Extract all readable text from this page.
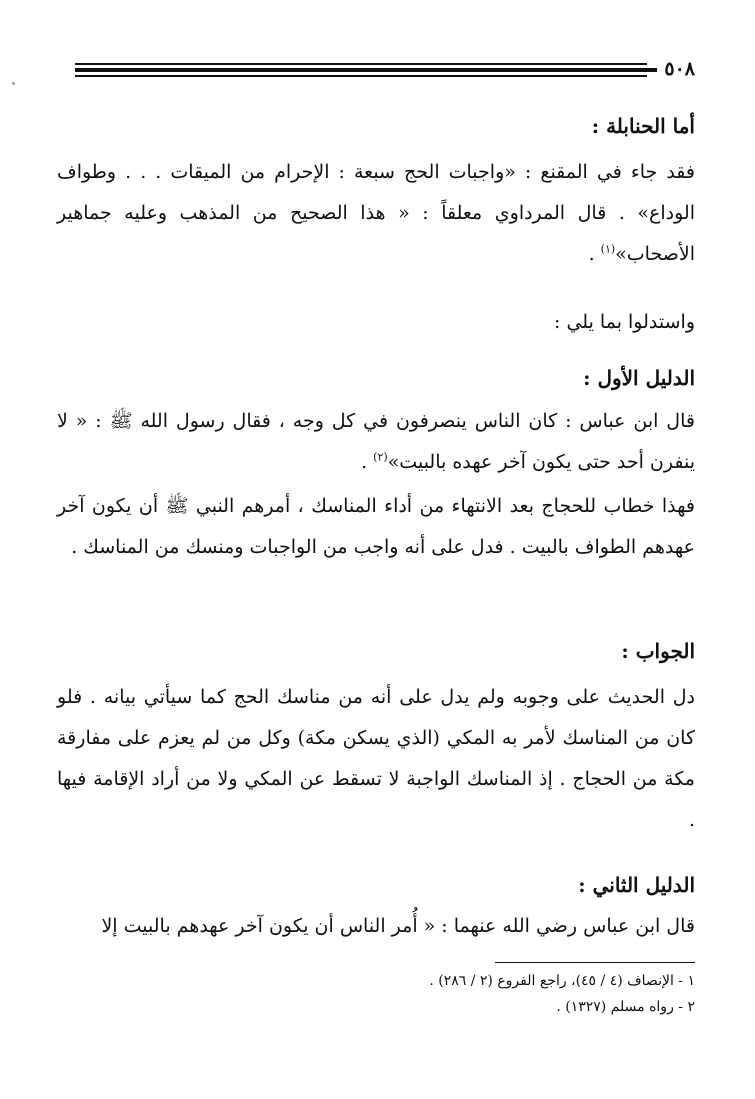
٥٠٨
أما الحنابلة :

فقد جاء في المقنع : «واجبات الحج سبعة : الإحرام من الميقات . . . وطواف الوداع» . قال المرداوي معلقاً : « هذا الصحيح من المذهب وعليه جماهير الأصحاب»$^{(١)}$ .

واستدلوا بما يلي :

الدليل الأول :

قال ابن عباس : كان الناس ينصرفون في كل وجه ، فقال رسول الله ﷺ : « لا ينفرن أحد حتى يكون آخر عهده بالبيت»$^{(٢)}$ .

فهذا خطاب للحجاج بعد الانتهاء من أداء المناسك ، أمرهم النبي ﷺ أن يكون آخر عهدهم الطواف بالبيت . فدل على أنه واجب من الواجبات ومنسك من المناسك .

الجواب :

دل الحديث على وجوبه ولم يدل على أنه من مناسك الحج كما سيأتي بيانه . فلو كان من المناسك لأمر به المكي (الذي يسكن مكة) وكل من لم يعزم على مفارقة مكة من الحجاج . إذ المناسك الواجبة لا تسقط عن المكي ولا من أراد الإقامة فيها .

الدليل الثاني :

قال ابن عباس رضي الله عنهما : « أُمر الناس أن يكون آخر عهدهم بالبيت إلا

١ - الإنصاف (٤ / ٤٥)، راجع الفروع (٢ / ٢٨٦) .

٢ - رواه مسلم (١٣٢٧) .
